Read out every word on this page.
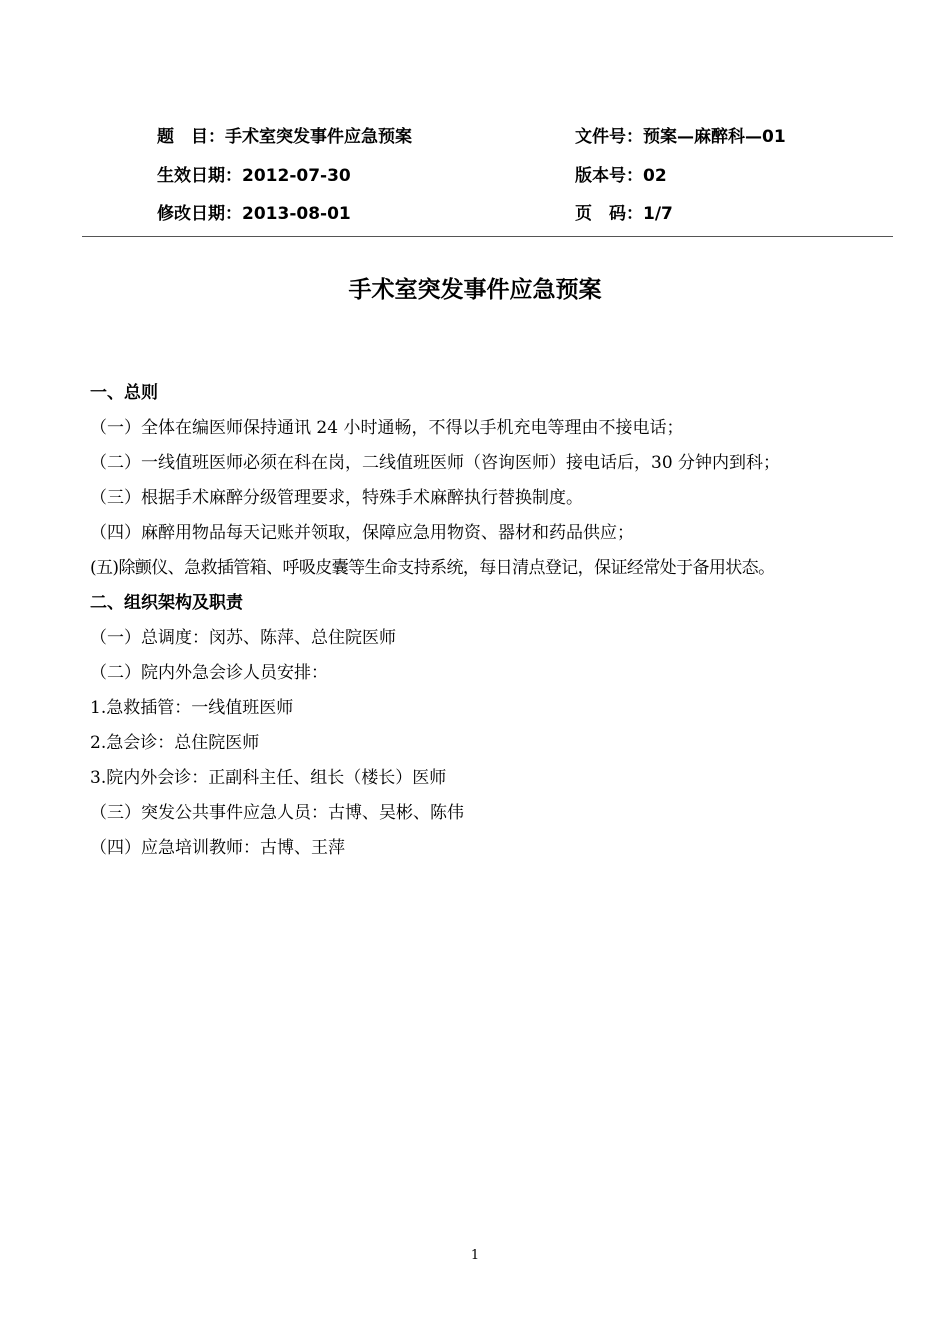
题　目：手术室突发事件应急预案	文件号：预案—麻醉科—01
生效日期：2012-07-30	版本号：02
修改日期：2013-08-01	页　码：1/7
手术室突发事件应急预案
一、总则
（一）全体在编医师保持通讯 24 小时通畅，不得以手机充电等理由不接电话；
（二）一线值班医师必须在科在岗，二线值班医师（咨询医师）接电话后，30 分钟内到科；
（三）根据手术麻醉分级管理要求，特殊手术麻醉执行替换制度。
（四）麻醉用物品每天记账并领取，保障应急用物资、器材和药品供应；
(五)除颤仪、急救插管箱、呼吸皮囊等生命支持系统，每日清点登记，保证经常处于备用状态。
二、组织架构及职责
（一）总调度：闵苏、陈萍、总住院医师
（二）院内外急会诊人员安排：
1.急救插管：一线值班医师
2.急会诊：总住院医师
3.院内外会诊：正副科主任、组长（楼长）医师
（三）突发公共事件应急人员：古博、吴彬、陈伟
（四）应急培训教师：古博、王萍
1
